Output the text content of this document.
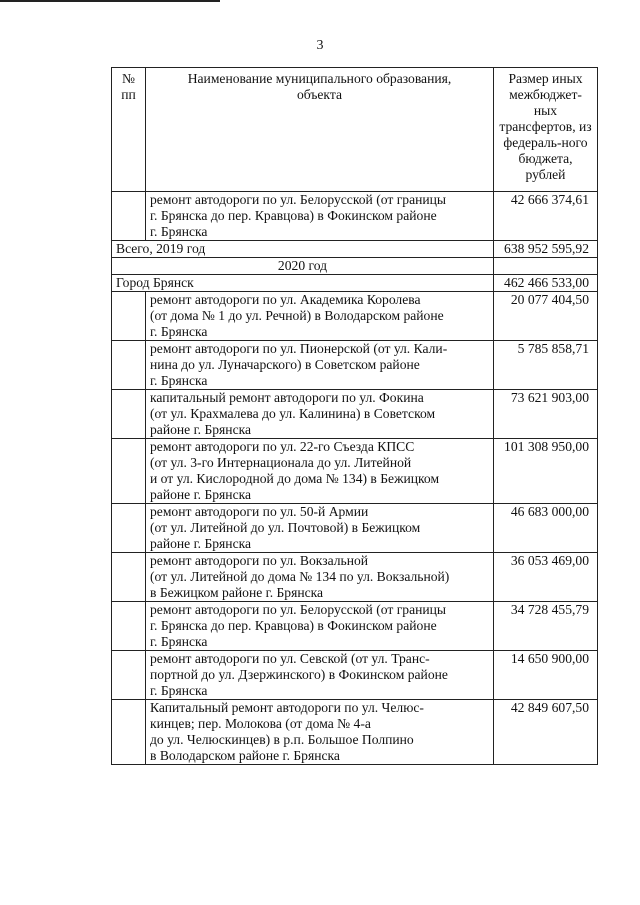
3
№ пп	Наименование муниципального образования, объекта	Размер иных межбюджет-ных трансфертов, из федераль-ного бюджета, рублей
	ремонт автодороги по ул. Белорусской (от границы
г. Брянска до пер. Кравцова) в Фокинском районе
г. Брянска	42 666 374,61
Всего, 2019 год		638 952 595,92
2020 год		
Город Брянск		462 466 533,00
	ремонт автодороги по ул. Академика Королева
(от дома № 1 до ул. Речной) в Володарском районе
г. Брянска	20 077 404,50
	ремонт автодороги по ул. Пионерской (от ул. Кали-
нина до ул. Луначарского) в Советском районе
г. Брянска	5 785 858,71
	капитальный ремонт автодороги по ул. Фокина
(от ул. Крахмалева до ул. Калинина) в Советском
районе г. Брянска	73 621 903,00
	ремонт автодороги по ул. 22-го Съезда КПСС
(от ул. 3-го Интернационала до ул. Литейной
и от ул. Кислородной до дома № 134) в Бежицком
районе г. Брянска	101 308 950,00
	ремонт автодороги по ул. 50-й Армии
(от ул. Литейной до ул. Почтовой) в Бежицком
районе г. Брянска	46 683 000,00
	ремонт автодороги по ул. Вокзальной
(от ул. Литейной до дома № 134 по ул. Вокзальной)
в Бежицком районе г. Брянска	36 053 469,00
	ремонт автодороги по ул. Белорусской (от границы
г. Брянска до пер. Кравцова) в Фокинском районе
г. Брянска	34 728 455,79
	ремонт автодороги по ул. Севской (от ул. Транс-
портной до ул. Дзержинского) в Фокинском районе
г. Брянска	14 650 900,00
	Капитальный ремонт автодороги по ул. Челюс-
кинцев; пер. Молокова (от дома № 4-а
до ул. Челюскинцев) в р.п. Большое Полпино
в Володарском районе г. Брянска	42 849 607,50
